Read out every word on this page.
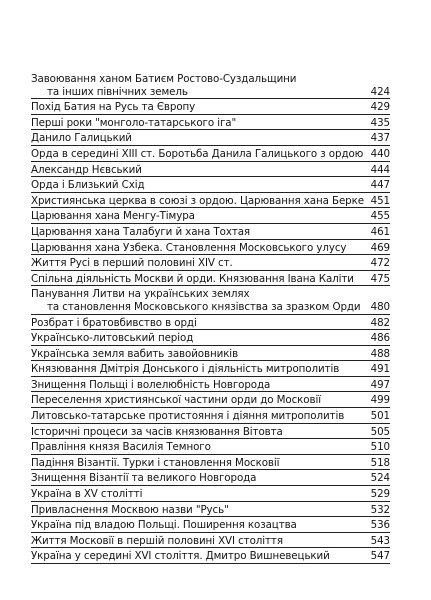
Завоювання ханом Батиєм Ростово-Суздальщини
та інших північних земель	424
Похід Батия на Русь та Європу	429
Перші роки "монголо-татарського іга"	435
Данило Галицький	437
Орда в середині XIII ст. Боротьба Данила Галицького з ордою 440
Александр Нєвський	444
Орда і Близький Схід	447
Християнська церква в союзі з ордою. Царювання хана Берке 451
Царювання хана Менгу-Тімура	455
Царювання хана Талабуги й хана Тохтая	461
Царювання хана Узбека. Становлення Московського улусу	469
Життя Русі в перший половині XIV ст.	472
Спільна діяльність Москви й орди. Князювання Івана Калiти	475
Панування Литви на українських землях
та становлення Московського князівства за зразком Орди 480
Розбрат і братовбивство в орді	482
Українсько-литовський період	486
Українська земля вабить завойовників	488
Князювання Дмітрія Донського і діяльність митрополитів	491
Знищення Польщі і волелюбність Новгорода	497
Переселення християнської частини орди до Московії	499
Литовсько-татарське протистояння і діяння митрополитів	501
Історичні процеси за часів князювання Вітовта	505
Правління князя Василія Темного	510
Падіння Візантії. Турки і становлення Московії	518
Знищення Візантії та великого Новгорода	524
Україна в XV столітті	529
Привласнення Москвою назви "Русь"	532
Україна під владою Польщі. Поширення козацтва	536
Життя Московії в першій половині XVI століття	543
Україна у середині XVI століття. Дмитро Вишневецький	547
